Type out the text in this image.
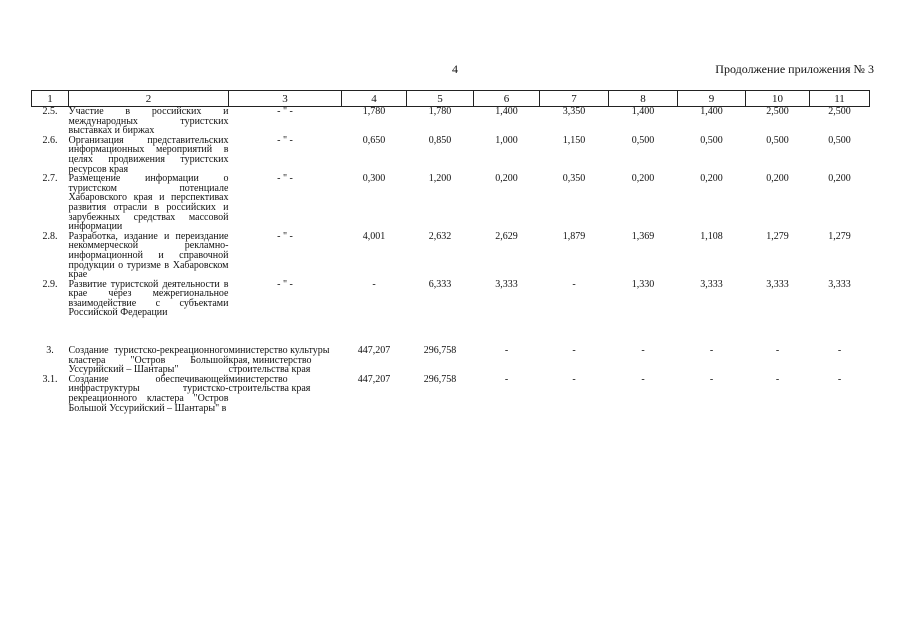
4	Продолжение приложения № 3
1	2	3	4	5	6	7	8	9	10	11
2.5.	Участие в российских и международных туристских выставках и биржах	- " -	1,780	1,780	1,400	3,350	1,400	1,400	2,500	2,500
2.6.	Организация представительских информационных мероприятий в целях продвижения туристских ресурсов края	- " -	0,650	0,850	1,000	1,150	0,500	0,500	0,500	0,500
2.7.	Размещение информации о туристском потенциале Хабаровского края и перспективах развития отрасли в российских и зарубежных средствах массовой информации	- " -	0,300	1,200	0,200	0,350	0,200	0,200	0,200	0,200
2.8.	Разработка, издание и переиздание некоммерческой рекламно-информационной и справочной продукции о туризме в Хабаровском крае	- " -	4,001	2,632	2,629	1,879	1,369	1,108	1,279	1,279
2.9.	Развитие туристской деятельности в крае через межрегиональное взаимодействие с субъектами Российской Федерации	- " -	-	6,333	3,333	-	1,330	3,333	3,333	3,333
3.	Создание туристско-рекреационного кластера "Остров Большой Уссурийский – Шантары"	министерство культуры края, министерство строительства края	447,207	296,758	-	-	-	-	-	-
3.1.	Создание обеспечивающей инфраструктуры туристско-рекреационного кластера "Остров Большой Уссурийский – Шантары" в	министерство строительства края	447,207	296,758	-	-	-	-	-	-
